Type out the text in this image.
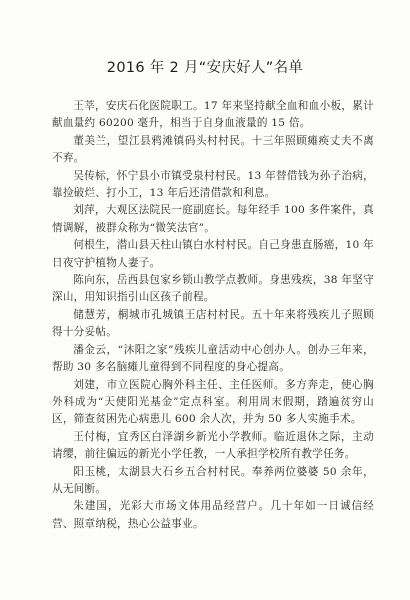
2016 年 2 月“安庆好人”名单

王莘，安庆石化医院职工。17 年来坚持献全血和血小板，累计献血量约 60200 毫升，相当于自身血液量的 15 倍。

董美兰，望江县鸦滩镇码头村村民。十三年照顾瘫痪丈夫不离不弃。

吴传标，怀宁县小市镇受泉村村民。13 年替借钱为孙子治病，靠捡破烂、打小工，13 年后还清借款和利息。

刘萍，大观区法院民一庭副庭长。每年经手 100 多件案件，真情调解，被群众称为“微笑法官”。

何根生，潜山县天柱山镇白水村村民。自己身患直肠癌，10 年日夜守护植物人妻子。

陈向东，岳西县包家乡锁山教学点教师。身患残疾，38 年坚守深山，用知识指引山区孩子前程。

储慧芳，桐城市孔城镇王店村村民。五十年来将残疾儿子照顾得十分妥帖。

潘金云，“沐阳之家”残疾儿童活动中心创办人。创办三年来，帮助 30 多名脑瘫儿童得到不同程度的身心提高。

刘建，市立医院心胸外科主任、主任医师。多方奔走，使心胸外科成为“天使阳光基金”定点科室。利用周末假期，踏遍贫穷山区，筛查贫困先心病患儿 600 余人次，并为 50 多人实施手术。

王付梅，宜秀区白泽湖乡新光小学教师。临近退休之际，主动请缨，前往偏远的新光小学任教，一人承担学校所有教学任务。

阳玉桃，太湖县大石乡五合村村民。奉养两位婆婆 50 余年，从无间断。

朱建国，光彩大市场文体用品经营户。几十年如一日诚信经营、照章纳税，热心公益事业。
